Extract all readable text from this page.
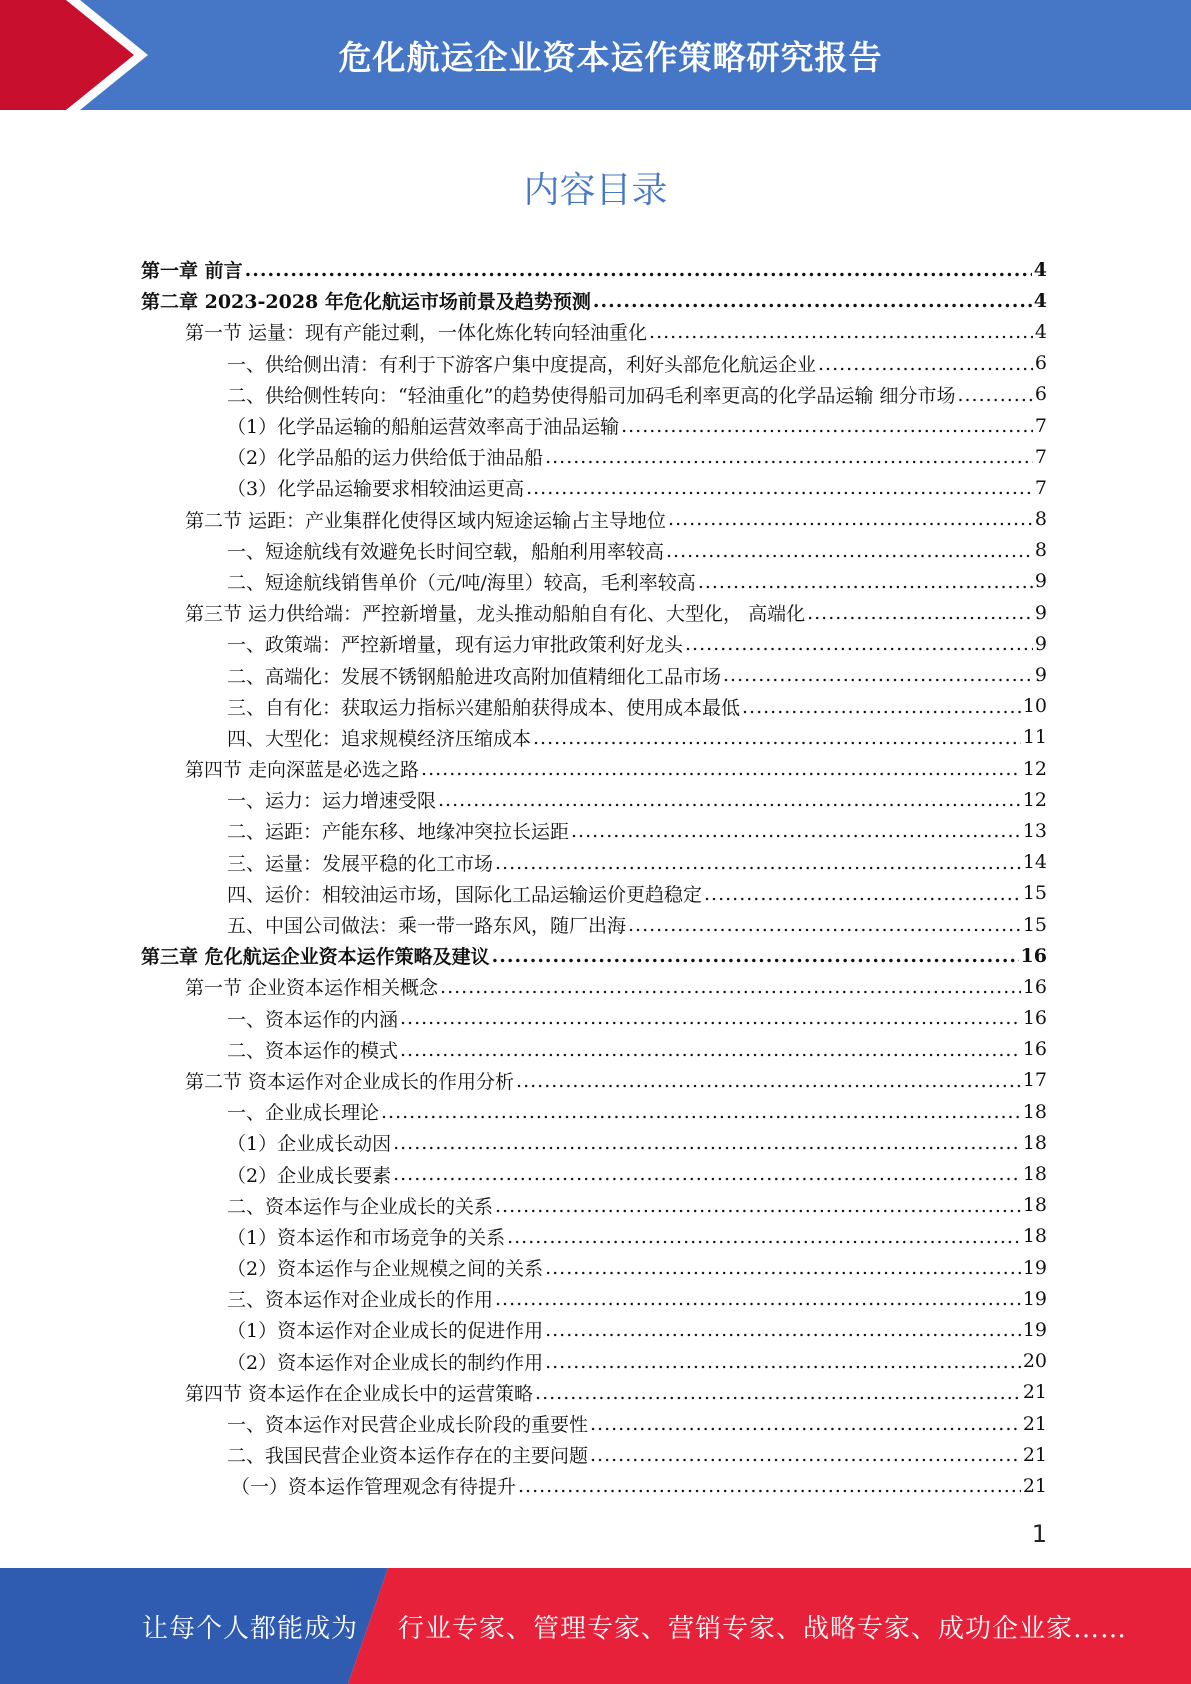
危化航运企业资本运作策略研究报告
内容目录
第一章 前言 .....	4
第二章 2023-2028 年危化航运市场前景及趋势预测 .....	4
第一节 运量：现有产能过剩，一体化炼化转向轻油重化 .....	4
一、供给侧出清：有利于下游客户集中度提高，利好头部危化航运企业 .....	6
二、供给侧性转向：“轻油重化”的趋势使得船司加码毛利率更高的化学品运输 细分市场 .....	6
（1）化学品运输的船舶运营效率高于油品运输 .....	7
（2）化学品船的运力供给低于油品船 .....	7
（3）化学品运输要求相较油运更高 .....	7
第二节 运距：产业集群化使得区域内短途运输占主导地位 .....	8
一、短途航线有效避免长时间空载，船舶利用率较高 .....	8
二、短途航线销售单价（元/吨/海里）较高，毛利率较高 .....	9
第三节 运力供给端：严控新增量，龙头推动船舶自有化、大型化， 高端化 .....	9
一、政策端：严控新增量，现有运力审批政策利好龙头 .....	9
二、高端化：发展不锈钢船舱进攻高附加值精细化工品市场 .....	9
三、自有化：获取运力指标兴建船舶获得成本、使用成本最低 .....	10
四、大型化：追求规模经济压缩成本 .....	11
第四节 走向深蓝是必选之路 .....	12
一、运力：运力增速受限 .....	12
二、运距：产能东移、地缘冲突拉长运距 .....	13
三、运量：发展平稳的化工市场 .....	14
四、运价：相较油运市场，国际化工品运输运价更趋稳定 .....	15
五、中国公司做法：乘一带一路东风，随厂出海 .....	15
第三章 危化航运企业资本运作策略及建议 .....	16
第一节 企业资本运作相关概念 .....	16
一、资本运作的内涵 .....	16
二、资本运作的模式 .....	16
第二节 资本运作对企业成长的作用分析 .....	17
一、企业成长理论 .....	18
（1）企业成长动因 .....	18
（2）企业成长要素 .....	18
二、资本运作与企业成长的关系 .....	18
（1）资本运作和市场竞争的关系 .....	18
（2）资本运作与企业规模之间的关系 .....	19
三、资本运作对企业成长的作用 .....	19
（1）资本运作对企业成长的促进作用 .....	19
（2）资本运作对企业成长的制约作用 .....	20
第四节 资本运作在企业成长中的运营策略 .....	21
一、资本运作对民营企业成长阶段的重要性 .....	21
二、我国民营企业资本运作存在的主要问题 .....	21
（一）资本运作管理观念有待提升 .....	21
1
让每个人都能成为 行业专家、管理专家、营销专家、战略专家、成功企业家……
